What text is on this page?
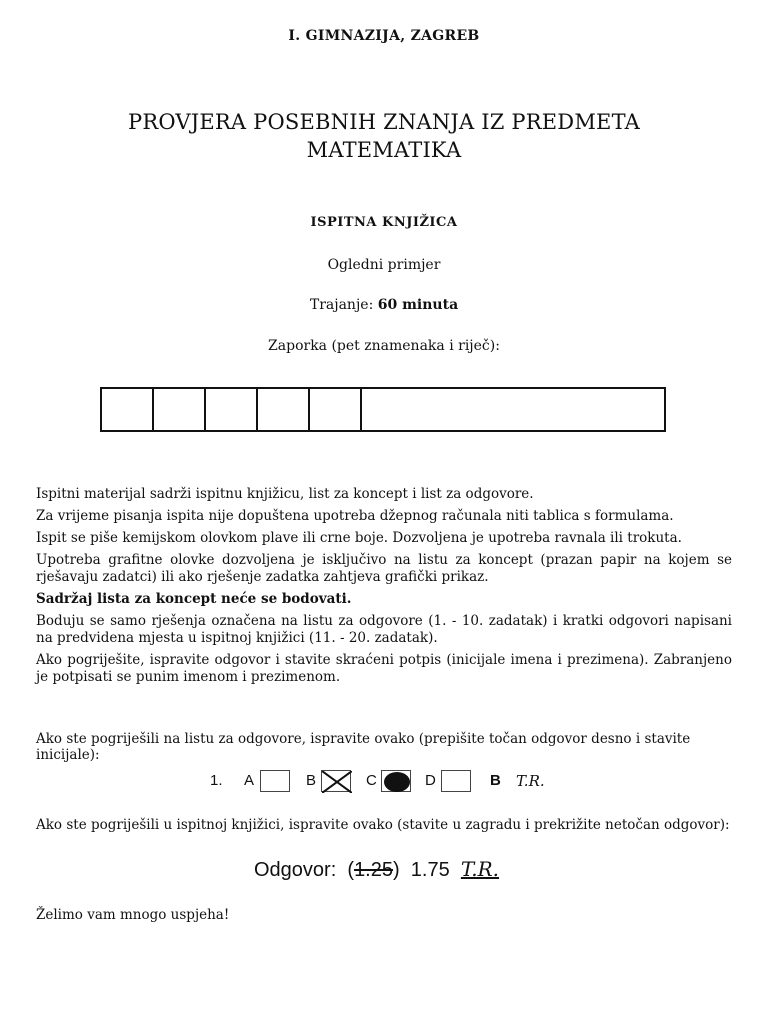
I. GIMNAZIJA, ZAGREB
PROVJERA POSEBNIH ZNANJA IZ PREDMETA
MATEMATIKA
ISPITNA KNJIŽICA
Ogledni primjer
Trajanje: 60 minuta
Zaporka (pet znamenaka i riječ):

Ispitni materijal sadrži ispitnu knjižicu, list za koncept i list za odgovore.

Za vrijeme pisanja ispita nije dopuštena upotreba džepnog računala niti tablica s formulama.

Ispit se piše kemijskom olovkom plave ili crne boje. Dozvoljena je upotreba ravnala ili trokuta.

Upotreba grafitne olovke dozvoljena je isključivo na listu za koncept (prazan papir na kojem se rješavaju zadatci) ili ako rješenje zadatka zahtjeva grafički prikaz.

Sadržaj lista za koncept neće se bodovati.

Boduju se samo rješenja označena na listu za odgovore (1. - 10. zadatak) i kratki odgovori napisani na predvidena mjesta u ispitnoj knjižici (11. - 20. zadatak).

Ako pogriješite, ispravite odgovor i stavite skraćeni potpis (inicijale imena i prezimena). Zabranjeno je potpisati se punim imenom i prezimenom.

Ako ste pogriješili na listu za odgovore, ispravite ovako (prepišite točan odgovor desno i stavite inicijale):
1. A	B	C	D	B T.R.
Ako ste pogriješili u ispitnoj knjižici, ispravite ovako (stavite u zagradu i prekrižite netočan odgovor):
Odgovor: (1.25) 1.75 T.R.
Želimo vam mnogo uspjeha!
